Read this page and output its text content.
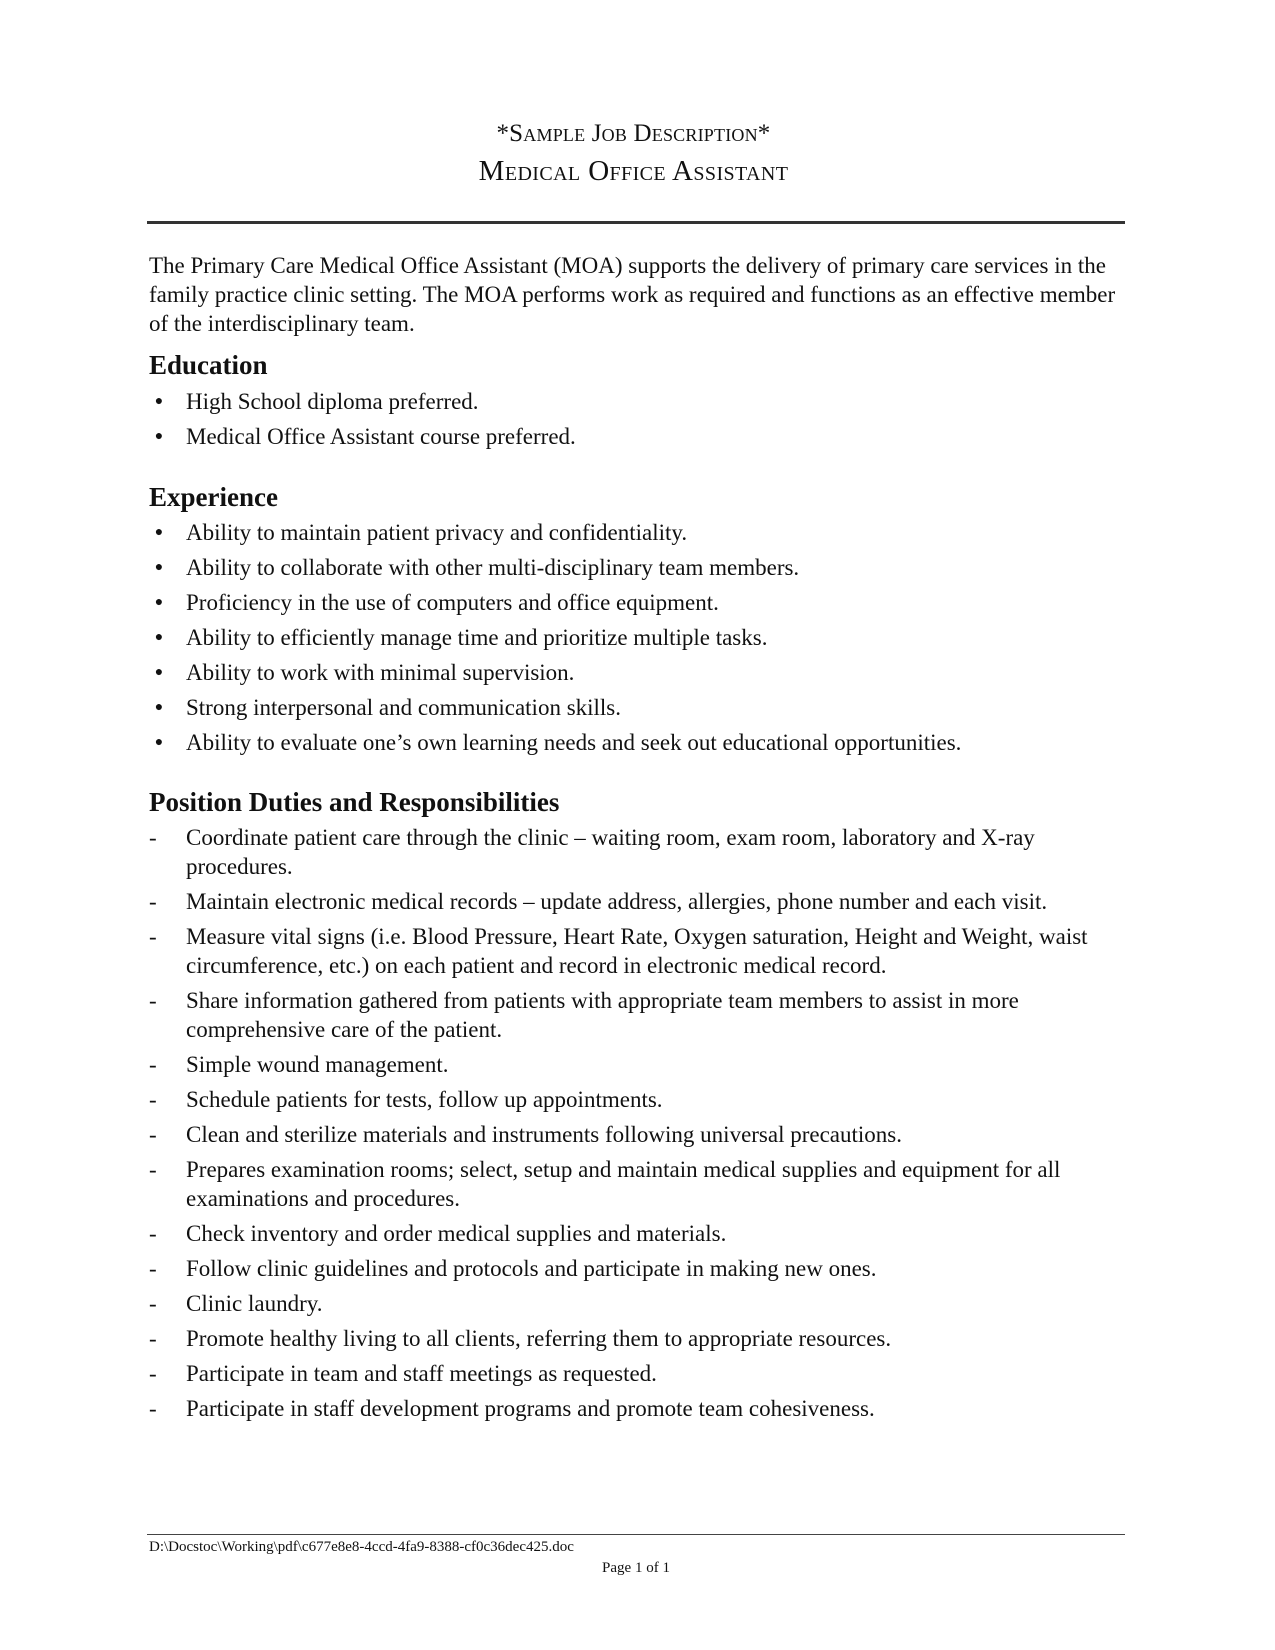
*Sample Job Description*
Medical Office Assistant
The Primary Care Medical Office Assistant (MOA) supports the delivery of primary care services in the family practice clinic setting. The MOA performs work as required and functions as an effective member of the interdisciplinary team.
Education
● High School diploma preferred.
● Medical Office Assistant course preferred.
Experience
● Ability to maintain patient privacy and confidentiality.
● Ability to collaborate with other multi-disciplinary team members.
● Proficiency in the use of computers and office equipment.
● Ability to efficiently manage time and prioritize multiple tasks.
● Ability to work with minimal supervision.
● Strong interpersonal and communication skills.
● Ability to evaluate one’s own learning needs and seek out educational opportunities.
Position Duties and Responsibilities
- Coordinate patient care through the clinic – waiting room, exam room, laboratory and X-ray procedures.
- Maintain electronic medical records – update address, allergies, phone number and each visit.
- Measure vital signs (i.e. Blood Pressure, Heart Rate, Oxygen saturation, Height and Weight, waist circumference, etc.) on each patient and record in electronic medical record.
- Share information gathered from patients with appropriate team members to assist in more comprehensive care of the patient.
- Simple wound management.
- Schedule patients for tests, follow up appointments.
- Clean and sterilize materials and instruments following universal precautions.
- Prepares examination rooms; select, setup and maintain medical supplies and equipment for all examinations and procedures.
- Check inventory and order medical supplies and materials.
- Follow clinic guidelines and protocols and participate in making new ones.
- Clinic laundry.
- Promote healthy living to all clients, referring them to appropriate resources.
- Participate in team and staff meetings as requested.
- Participate in staff development programs and promote team cohesiveness.
D:\Docstoc\Working\pdf\c677e8e8-4ccd-4fa9-8388-cf0c36dec425.doc
Page 1 of 1
